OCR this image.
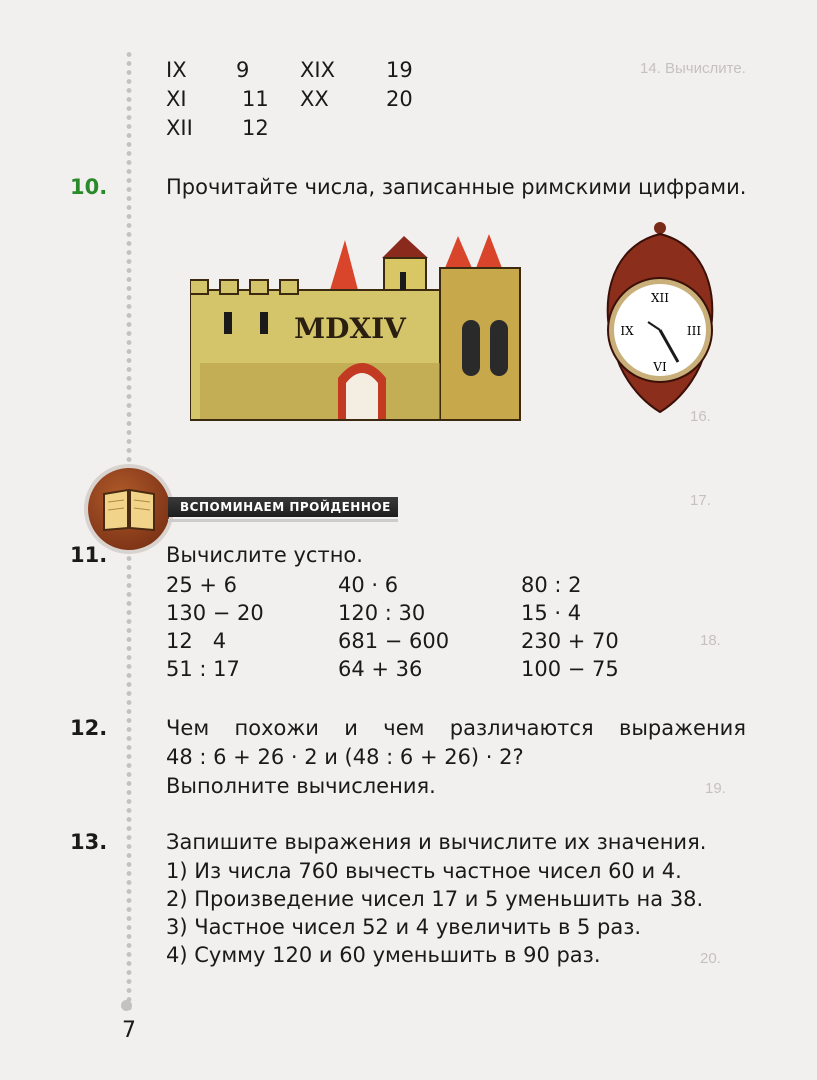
14. Вычислите.
16.
17.
18.
19.
20.
IX 9 XIX 19
XI	11 XX	20
XII 12
10.	Прочитайте числа, записанные римскими цифрами.
MDXIV
XII
III
VI
IX
ВСПОМИНАЕМ ПРОЙДЕННОЕ
11.	Вычислите устно.
25 + 6	40 · 6	80 : 2
130 − 20	120 : 30	15 · 4
12   4	681 − 600	230 + 70
51 : 17	64 + 36	100 − 75
12.	Чем похожи и чем различаются выражения
48 : 6 + 26 · 2 и (48 : 6 + 26) · 2?
Выполните вычисления.
13.	Запишите выражения и вычислите их значения.
1) Из числа 760 вычесть частное чисел 60 и 4.
2) Произведение чисел 17 и 5 уменьшить на 38.
3) Частное чисел 52 и 4 увеличить в 5 раз.
4) Сумму 120 и 60 уменьшить в 90 раз.
7
